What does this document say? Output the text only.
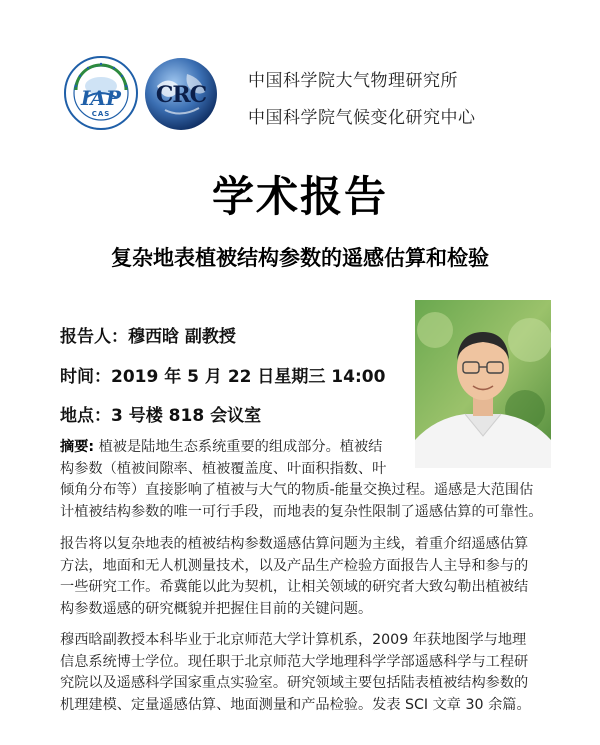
IAP
CAS
CRC
中国科学院大气物理研究所
中国科学院气候变化研究中心
学术报告
复杂地表植被结构参数的遥感估算和检验
报告人：穆西晗 副教授
时间：2019 年 5 月 22 日星期三 14:00
地点：3 号楼 818 会议室
摘要: 植被是陆地生态系统重要的组成部分。植被结
构参数（植被间隙率、植被覆盖度、叶面积指数、叶
倾角分布等）直接影响了植被与大气的物质-能量交换过程。遥感是大范围估
计植被结构参数的唯一可行手段，而地表的复杂性限制了遥感估算的可靠性。
报告将以复杂地表的植被结构参数遥感估算问题为主线，着重介绍遥感估算
方法，地面和无人机测量技术，以及产品生产检验方面报告人主导和参与的
一些研究工作。希冀能以此为契机，让相关领域的研究者大致勾勒出植被结
构参数遥感的研究概貌并把握住目前的关键问题。
穆西晗副教授本科毕业于北京师范大学计算机系，2009 年获地图学与地理
信息系统博士学位。现任职于北京师范大学地理科学学部遥感科学与工程研
究院以及遥感科学国家重点实验室。研究领域主要包括陆表植被结构参数的
机理建模、定量遥感估算、地面测量和产品检验。发表 SCI 文章 30 余篇。
